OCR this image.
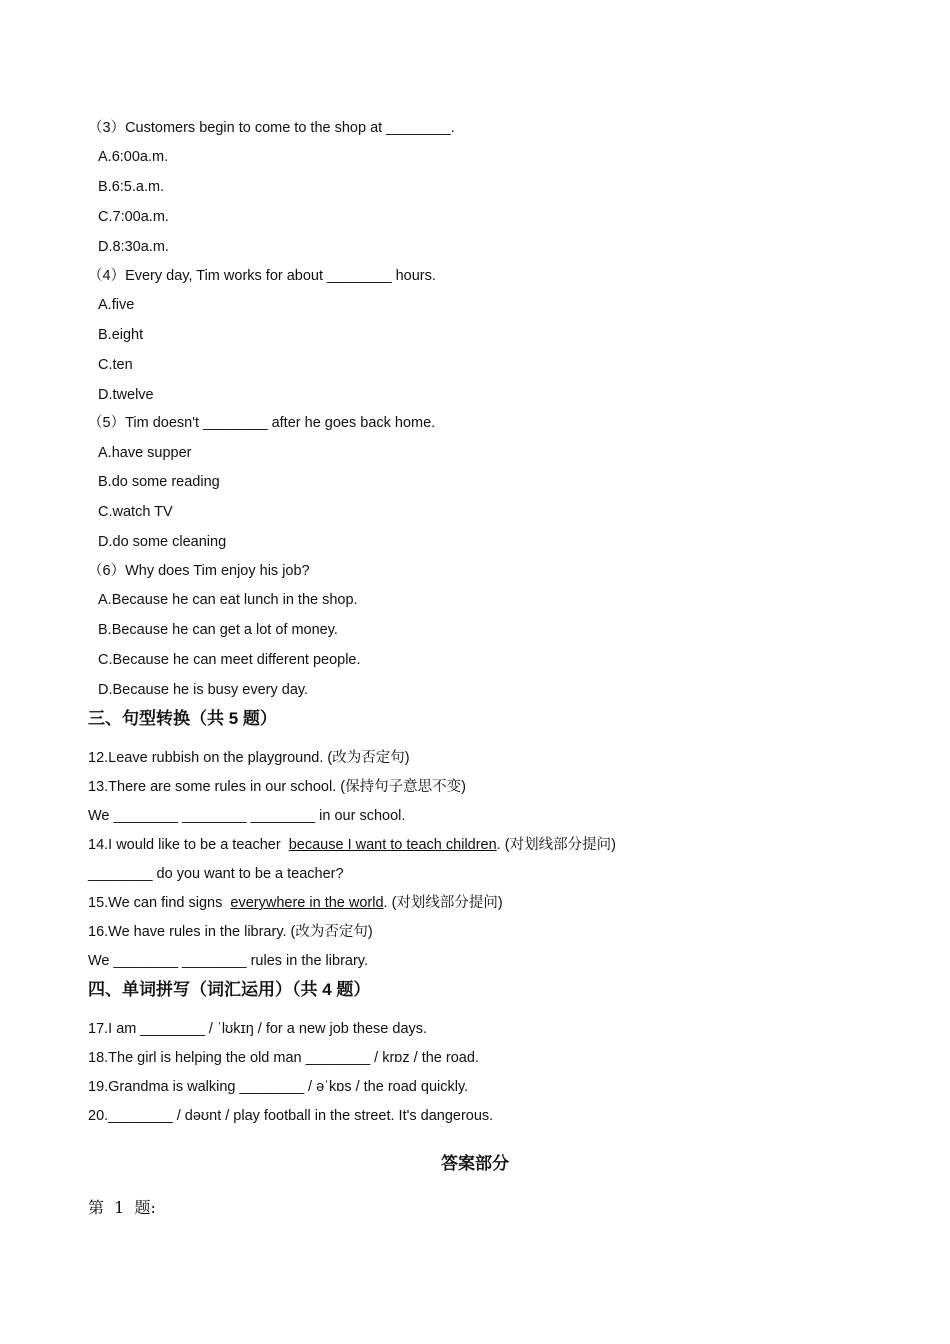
（3）Customers begin to come to the shop at ________.
A.6:00a.m.
B.6:5.a.m.
C.7:00a.m.
D.8:30a.m.
（4）Every day, Tim works for about ________ hours.
A.five
B.eight
C.ten
D.twelve
（5）Tim doesn't ________ after he goes back home.
A.have supper
B.do some reading
C.watch TV
D.do some cleaning
（6）Why does Tim enjoy his job?
A.Because he can eat lunch in the shop.
B.Because he can get a lot of money.
C.Because he can meet different people.
D.Because he is busy every day.
三、句型转换（共 5 题）
12.Leave rubbish on the playground. (改为否定句)
13.There are some rules in our school. (保持句子意思不变)
We ________ ________ ________ in our school.
14.I would like to be a teacher  because I want to teach children. (对划线部分提问)
________ do you want to be a teacher?
15.We can find signs  everywhere in the world. (对划线部分提问)
16.We have rules in the library. (改为否定句)
We ________ ________ rules in the library.
四、单词拼写（词汇运用）（共 4 题）
17.I am ________ / ˈlʊkɪŋ / for a new job these days.
18.The girl is helping the old man ________ / krɒz / the road.
19.Grandma is walking ________ / əˈkɒs / the road quickly.
20.________ / dəʊnt / play football in the street. It's dangerous.
答案部分
第  1  题:
